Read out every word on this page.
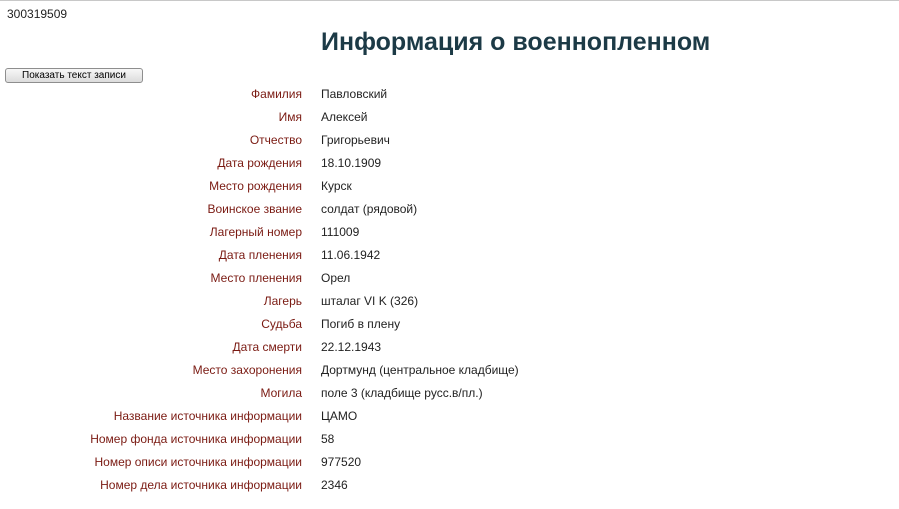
300319509
Информация о военнопленном
Показать текст записи
Фамилия Павловский
Имя Алексей
Отчество Григорьевич
Дата рождения 18.10.1909
Место рождения Курск
Воинское звание солдат (рядовой)
Лагерный номер 111009
Дата пленения 11.06.1942
Место пленения Орел
Лагерь шталаг VI K (326)
Судьба Погиб в плену
Дата смерти 22.12.1943
Место захоронения Дортмунд (центральное кладбище)
Могила поле 3 (кладбище русс.в/пл.)
Название источника информации ЦАМО
Номер фонда источника информации 58
Номер описи источника информации 977520
Номер дела источника информации 2346
